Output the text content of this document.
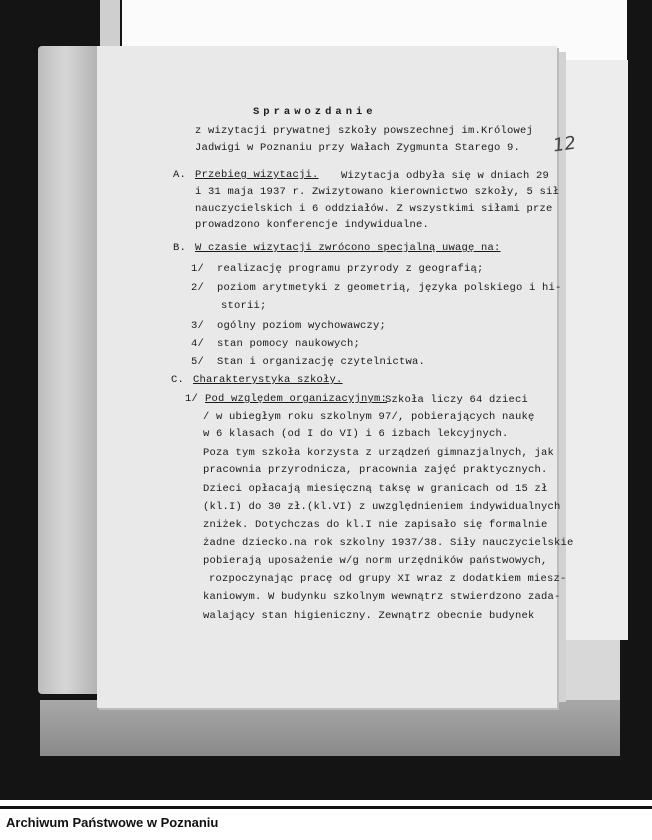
12
Sprawozdanie
z wizytacji prywatnej szkoły powszechnej im.Królowej
Jadwigi w Poznaniu przy Wałach Zygmunta Starego 9.
A. Przebieg wizytacji. Wizytacja odbyła się w dniach 29
i 31 maja 1937 r. Zwizytowano kierownictwo szkoły, 5 sił
nauczycielskich i 6 oddziałów. Z wszystkimi siłami prze
prowadzono konferencje indywidualne.
B. W czasie wizytacji zwrócono specjalną uwagę na:
1/  realizację programu przyrody z geografią;
2/  poziom arytmetyki z geometrią, języka polskiego i hi-
storii;
3/  ogólny poziom wychowawczy;
4/  stan pomocy naukowych;
5/  Stan i organizację czytelnictwa.
C. Charakterystyka szkoły.
1/ Pod względem organizacyjnym:
Szkoła liczy 64 dzieci
/ w ubiegłym roku szkolnym 97/, pobierających naukę
w 6 klasach (od I do VI) i 6 izbach lekcyjnych.
Poza tym szkoła korzysta z urządzeń gimnazjalnych, jak
pracownia przyrodnicza, pracownia zajęć praktycznych.
Dzieci opłacają miesięczną taksę w granicach od 15 zł
(kl.I) do 30 zł.(kl.VI) z uwzględnieniem indywidualnych
zniżek. Dotychczas do kl.I nie zapisało się formalnie
żadne dziecko.na rok szkolny 1937/38. Siły nauczycielskie
pobierają uposażenie w/g norm urzędników państwowych,
rozpoczynając pracę od grupy XI wraz z dodatkiem miesz-
kaniowym. W budynku szkolnym wewnątrz stwierdzono zada-
walający stan higieniczny. Zewnątrz obecnie budynek
Archiwum Państwowe w Poznaniu
